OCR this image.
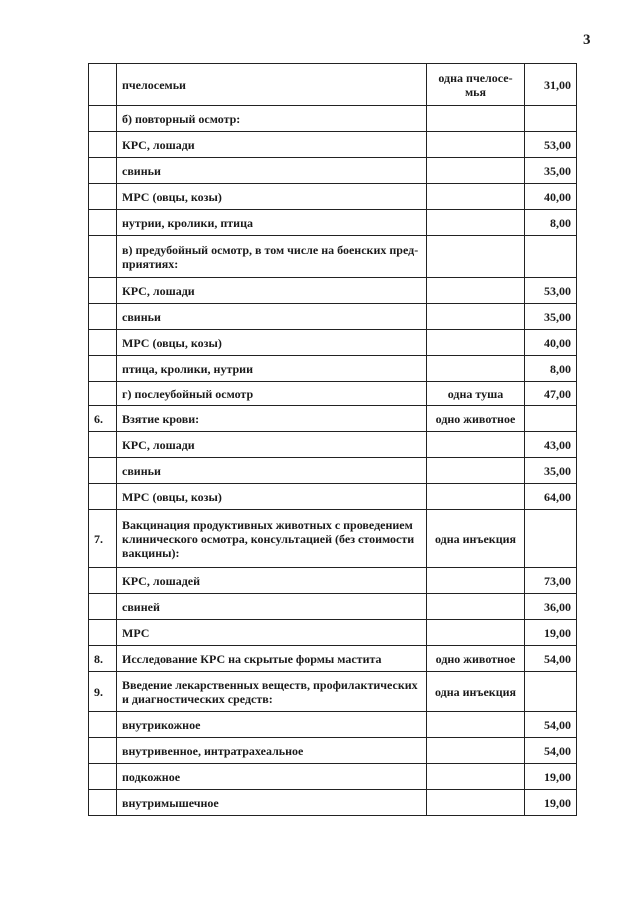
3
	пчелосемьи	одна пчелосе-мья	31,00
	б) повторный осмотр:		
	КРС, лошади		53,00
	свиньи		35,00
	МРС (овцы, козы)		40,00
	нутрии, кролики, птица		8,00
	в) предубойный осмотр, в том числе на боенских пред-приятиях:		
	КРС, лошади		53,00
	свиньи		35,00
	МРС (овцы, козы)		40,00
	птица, кролики, нутрии		8,00
	г) послеубойный осмотр	одна туша	47,00
6.	Взятие крови:	одно животное	
	КРС, лошади		43,00
	свиньи		35,00
	МРС (овцы, козы)		64,00
7.	Вакцинация продуктивных животных с проведением клинического осмотра, консультацией (без стоимости вакцины):	одна инъекция	
	КРС, лошадей		73,00
	свиней		36,00
	МРС		19,00
8.	Исследование КРС на скрытые формы мастита	одно животное	54,00
9.	Введение лекарственных веществ, профилактических и диагностических средств:	одна инъекция	
	внутрикожное		54,00
	внутривенное, интратрахеальное		54,00
	подкожное		19,00
	внутримышечное		19,00
